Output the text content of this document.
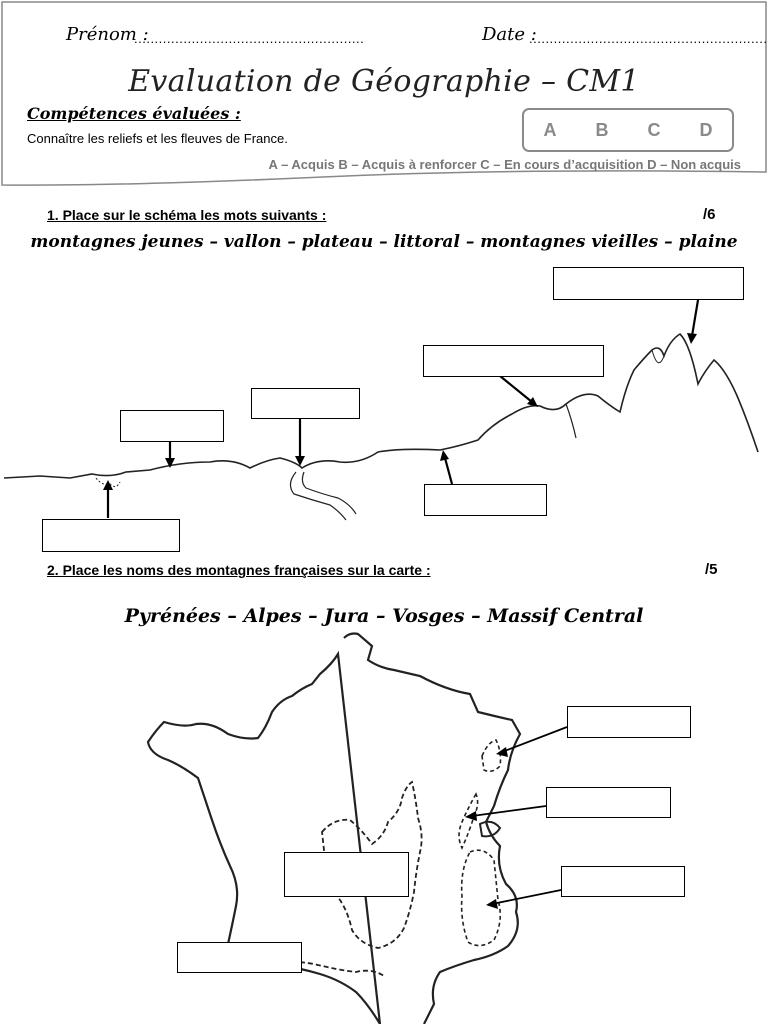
Prénom :
........................................................	Date :
..........................................................
Evaluation de Géographie – CM1
Compétences évaluées :
Connaître les reliefs et les fleuves de France.	A B C D
A – Acquis B – Acquis à renforcer C – En cours d’acquisition D – Non acquis
1. Place sur le schéma les mots suivants :	/6
montagnes jeunes – vallon – plateau – littoral – montagnes vieilles – plaine
2. Place les noms des montagnes françaises sur la carte :	/5
Pyrénées – Alpes – Jura – Vosges – Massif Central
